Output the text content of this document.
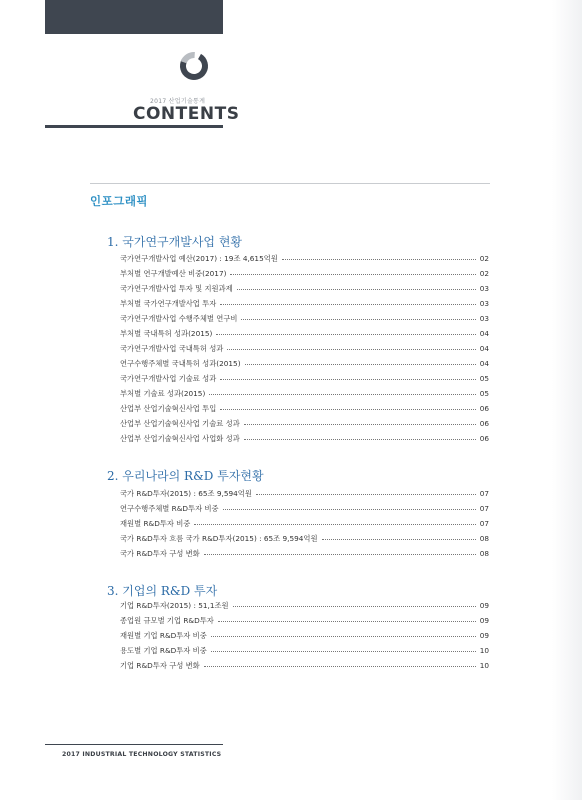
2017 산업기술통계
CONTENTS
인포그래픽
1. 국가연구개발사업 현황
국가연구개발사업 예산(2017) : 19조 4,615억원	02
부처별 연구개발예산 비중(2017)	02
국가연구개발사업 투자 및 지원과제	03
부처별 국가연구개발사업 투자	03
국가연구개발사업 수행주체별 연구비	03
부처별 국내특허 성과(2015)	04
국가연구개발사업 국내특허 성과	04
연구수행주체별 국내특허 성과(2015)	04
국가연구개발사업 기술료 성과	05
부처별 기술료 성과(2015)	05
산업부 산업기술혁신사업 투입	06
산업부 산업기술혁신사업 기술료 성과	06
산업부 산업기술혁신사업 사업화 성과	06
2. 우리나라의 R&D 투자현황
국가 R&D투자(2015) : 65조 9,594억원	07
연구수행주체별 R&D투자 비중	07
재원별 R&D투자 비중	07
국가 R&D투자 흐름 국가 R&D투자(2015) : 65조 9,594억원	08
국가 R&D투자 구성 변화	08
3. 기업의 R&D 투자
기업 R&D투자(2015) : 51,1조원	09
종업원 규모별 기업 R&D투자	09
재원별 기업 R&D투자 비중	09
용도별 기업 R&D투자 비중	10
기업 R&D투자 구성 변화	10
2017 INDUSTRIAL TECHNOLOGY STATISTICS
